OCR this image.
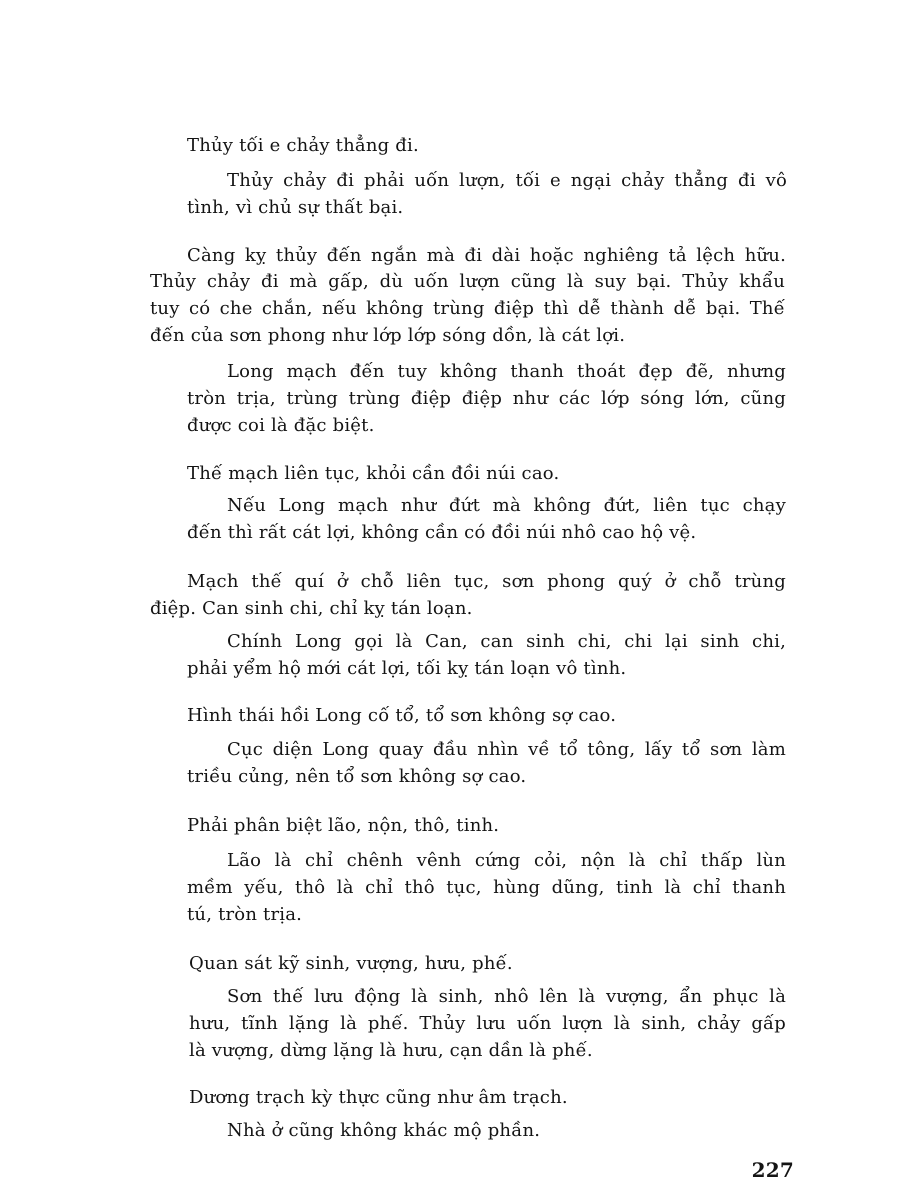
Thủy tối e chảy thẳng đi.
Thủy chảy đi phải uốn lượn, tối e ngại chảy thẳng đi vô
tình, vì chủ sự thất bại.
Càng kỵ thủy đến ngắn mà đi dài hoặc nghiêng tả lệch hữu.
Thủy chảy đi mà gấp, dù uốn lượn cũng là suy bại. Thủy khẩu
tuy có che chắn, nếu không trùng điệp thì dễ thành dễ bại. Thế
đến của sơn phong như lớp lớp sóng dồn, là cát lợi.
Long mạch đến tuy không thanh thoát đẹp đẽ, nhưng
tròn trịa, trùng trùng điệp điệp như các lớp sóng lớn, cũng
được coi là đặc biệt.
Thế mạch liên tục, khỏi cần đồi núi cao.
Nếu Long mạch như đứt mà không đứt, liên tục chạy
đến thì rất cát lợi, không cần có đồi núi nhô cao hộ vệ.
Mạch thế quí ở chỗ liên tục, sơn phong quý ở chỗ trùng
điệp. Can sinh chi, chỉ kỵ tán loạn.
Chính Long gọi là Can, can sinh chi, chi lại sinh chi,
phải yểm hộ mới cát lợi, tối kỵ tán loạn vô tình.
Hình thái hồi Long cố tổ, tổ sơn không sợ cao.
Cục diện Long quay đầu nhìn về tổ tông, lấy tổ sơn làm
triều củng, nên tổ sơn không sợ cao.
Phải phân biệt lão, nộn, thô, tinh.
Lão là chỉ chênh vênh cứng cỏi, nộn là chỉ thấp lùn
mềm yếu, thô là chỉ thô tục, hùng dũng, tinh là chỉ thanh
tú, tròn trịa.
Quan sát kỹ sinh, vượng, hưu, phế.
Sơn thế lưu động là sinh, nhô lên là vượng, ẩn phục là
hưu, tĩnh lặng là phế. Thủy lưu uốn lượn là sinh, chảy gấp
là vượng, dừng lặng là hưu, cạn dần là phế.
Dương trạch kỳ thực cũng như âm trạch.
Nhà ở cũng không khác mộ phần.
227
